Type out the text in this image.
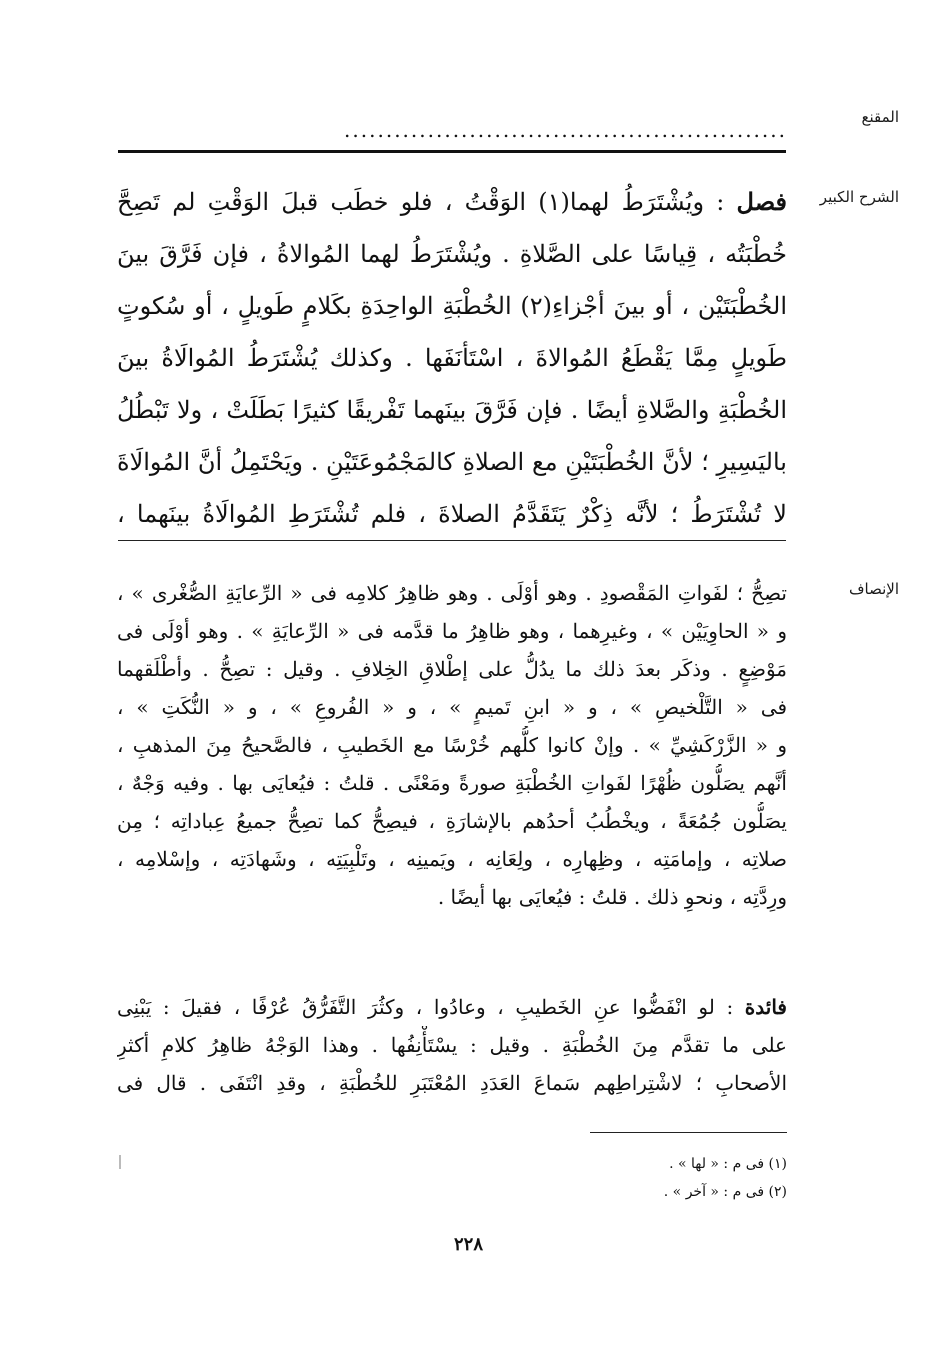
المقنع
.....................................................
الشرح الكبير
فصل : ويُشْتَرَطُ لهما(١) الوَقْتُ ، فلو خطَب قبلَ الوَقْتِ لم تَصِحَّ
خُطْبَتُه ، قِياسًا على الصَّلاةِ . ويُشْتَرَطُ لهما المُوالاةُ ، فإن فَرَّقَ بينَ
الخُطْبَتَيْن ، أو بينَ أجْزاءِ(٢) الخُطْبَةِ الواحِدَةِ بكَلامٍ طَويلٍ ، أو سُكوتٍ
طَويلٍ مِمَّا يَقْطَعُ المُوالاةَ ، اسْتَأنَفَها . وكذلك يُشْتَرَطُ المُوالَاةُ بينَ
الخُطْبَةِ والصَّلاةِ أيضًا . فإن فَرَّقَ بينَهما تَفْريقًا كثيرًا بَطَلَتْ ، ولا تَبْطُلُ
باليَسِيرِ ؛ لأنَّ الخُطْبَتَيْنِ مع الصلاةِ كالمَجْمُوعَتَيْنِ . ويَحْتَمِلُ أنَّ المُوالَاةَ
لا تُشْتَرَطُ ؛ لأنَّه ذِكْرٌ يَتَقَدَّمُ الصلاةَ ، فلم تُشْتَرَطِ المُوالَاةُ بينَهما ،
الإنصاف
تصِحُّ ؛ لفَواتِ المَقْصودِ . وهو أوْلَى . وهو ظاهِرُ كلامِه فى « الرِّعايَةِ الصُّغْرى » ،
و « الحاوِيَيْن » ، وغيرِهما ، وهو ظاهِرُ ما قدَّمه فى « الرِّعايَةِ » . وهو أوْلَى فى
مَوْضِعٍ . وذكَر بعدَ ذلك ما يدُلُّ على إطْلاقِ الخِلافِ . وقيل : تصِحُّ . وأطْلَقهما
فى « التَّلْخيصِ » ، و « ابنِ تَميمٍ » ، و « الفُروعِ » ، و « النُّكَتِ » ،
و « الزَّرْكَشِيِّ » . وإنْ كانوا كلُّهم خُرْسًا مع الخَطيبِ ، فالصَّحيحُ مِنَ المذهبِ ،
أنَّهم يصَلُّون ظُهْرًا لفَواتِ الخُطْبَةِ صورةً ومَعْنًى . قلتُ : فيُعايَى بها . وفيه وَجْهٌ ،
يصَلُّون جُمُعَةً ، ويخْطُبُ أحدُهم بالإشارَةِ ، فيصِحُّ كما تصِحُّ جميعُ عِباداتِه ؛ مِن
صلاتِه ، وإمامَتِه ، وظِهارِه ، ولِعَانِه ، ويَمينِه ، وتَلْبِيَتِه ، وشَهادَتِه ، وإسْلامِه ،
ورِدَّتِه ، ونحوِ ذلك . قلتُ : فيُعايَى بها أيضًا .
فائدة : لو انْفَضُّوا عنِ الخَطيبِ ، وعادُوا ، وكثُرَ التَّفَرُّقُ عُرْفًا ، فقيلَ : يَبْنِى
على ما تقدَّم مِنَ الخُطْبَةِ . وقيل : يسْتَأْنِفُها . وهذا الوَجْهُ ظاهِرُ كلامِ أكثرِ
الأصحابِ ؛ لاشْتِراطِهم سَماعَ العَدَدِ المُعْتَبَرِ للخُطْبَةِ ، وقدِ انْتَفَى . قال فى
(١) فى م : « لها » .
(٢) فى م : « آخر » .
٢٢٨
